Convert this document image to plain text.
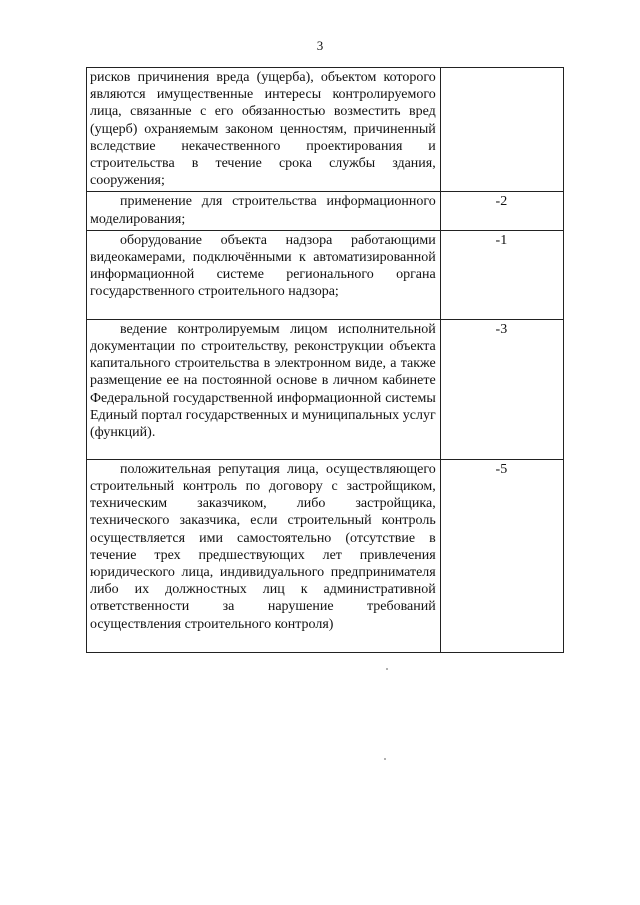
3
рисков причинения вреда (ущерба), объектом которого являются имущественные интересы контролируемого лица, связанные с его обязанностью возместить вред (ущерб) охраняемым законом ценностям, причиненный вследствие некачественного проектирования и строительства в течение срока службы здания, сооружения;	

применение для строительства информационного моделирования;	-2

оборудование объекта надзора работающими видеокамерами, подключёнными к автоматизированной информационной системе регионального органа государственного строительного надзора;	-1

ведение контролируемым лицом исполнительной документации по строительству, реконструкции объекта капитального строительства в электронном виде, а также размещение ее на постоянной основе в личном кабинете Федеральной государственной информационной системы Единый портал государственных и муниципальных услуг (функций).	-3

положительная репутация лица, осуществляющего строительный контроль по договору с застройщиком, техническим заказчиком, либо застройщика, технического заказчика, если строительный контроль осуществляется ими самостоятельно (отсутствие в течение трех предшествующих лет привлечения юридического лица, индивидуального предпринимателя либо их должностных лиц к административной ответственности за нарушение требований осуществления строительного контроля)	-5
